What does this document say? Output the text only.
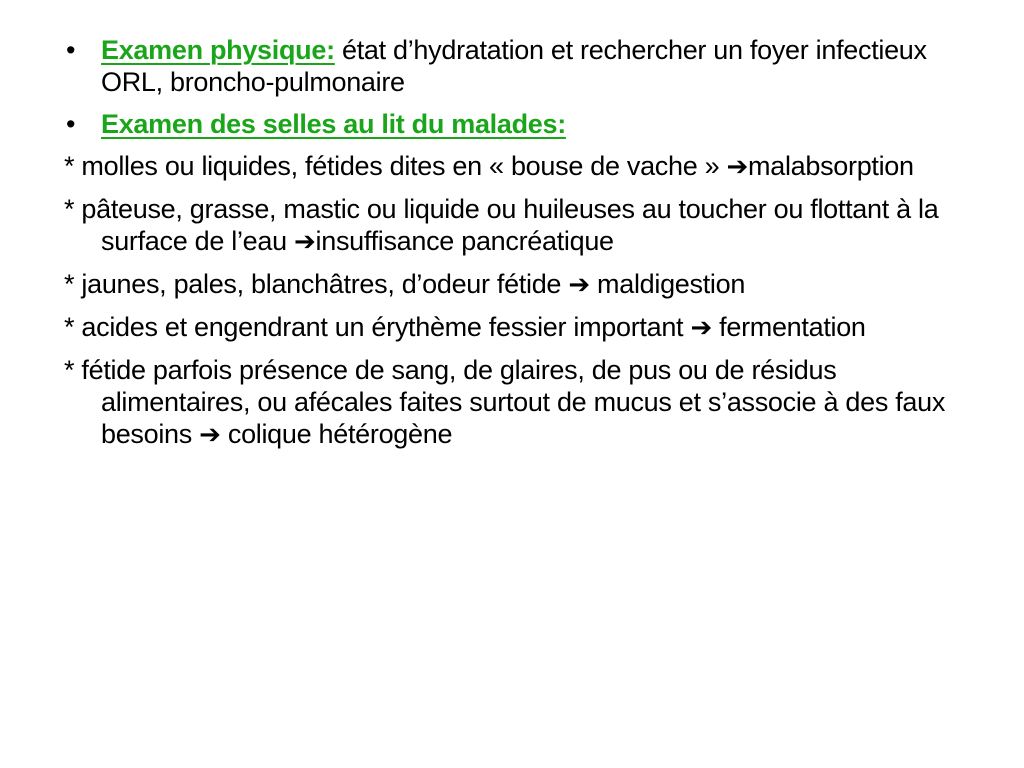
• Examen physique: état d’hydratation et rechercher un foyer infectieux ORL, broncho-pulmonaire
• Examen des selles au lit du malades:
* molles ou liquides, fétides dites en « bouse de vache » ➔malabsorption
* pâteuse, grasse, mastic ou liquide ou huileuses au toucher ou flottant à la surface de l’eau ➔insuffisance pancréatique
* jaunes, pales, blanchâtres, d’odeur fétide ➔ maldigestion
* acides et engendrant un érythème fessier important ➔ fermentation
* fétide parfois présence de sang, de glaires, de pus ou de résidus alimentaires, ou afécales faites surtout de mucus et s’associe à des faux besoins ➔ colique hétérogène
